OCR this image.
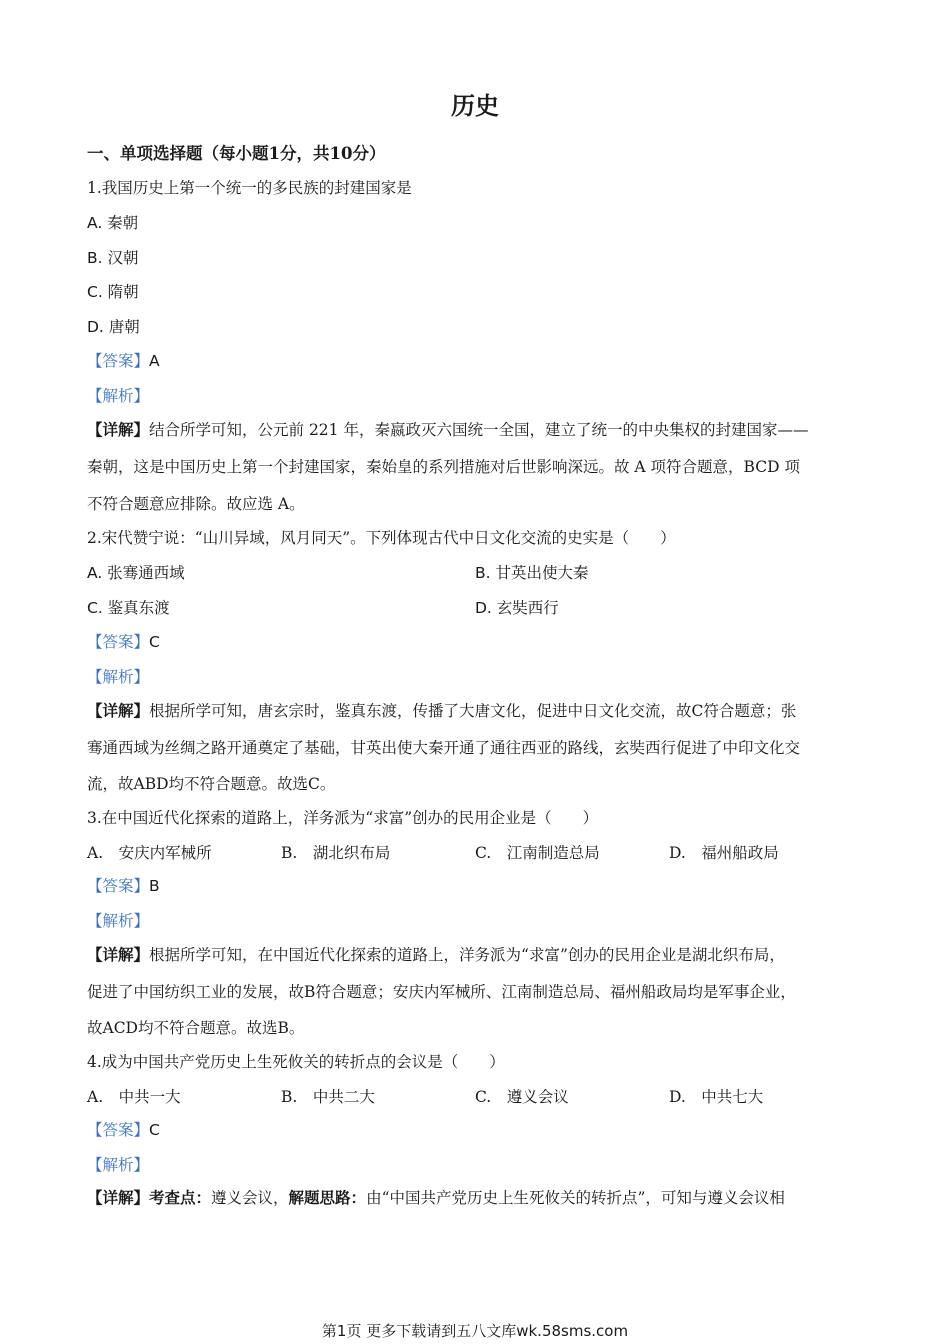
历史
一、单项选择题（每小题1分，共10分）
1.我国历史上第一个统一的多民族的封建国家是
A. 秦朝
B. 汉朝
C. 隋朝
D. 唐朝
【答案】A
【解析】
【详解】结合所学可知，公元前 221 年，秦嬴政灭六国统一全国，建立了统一的中央集权的封建国家——
秦朝，这是中国历史上第一个封建国家，秦始皇的系列措施对后世影响深远。故 A 项符合题意，BCD 项
不符合题意应排除。故应选 A。
2.宋代赞宁说：“山川异域，风月同天”。下列体现古代中日文化交流的史实是（　　）
A. 张骞通西域	B. 甘英出使大秦
C. 鉴真东渡	D. 玄奘西行
【答案】C
【解析】
【详解】根据所学可知，唐玄宗时，鉴真东渡，传播了大唐文化，促进中日文化交流，故C符合题意；张
骞通西域为丝绸之路开通奠定了基础，甘英出使大秦开通了通往西亚的路线，玄奘西行促进了中印文化交
流，故ABD均不符合题意。故选C。
3.在中国近代化探索的道路上，洋务派为“求富”创办的民用企业是（　　）
A.　安庆内军械所	B.　湖北织布局	C.　江南制造总局	D.　福州船政局
【答案】B
【解析】
【详解】根据所学可知，在中国近代化探索的道路上，洋务派为“求富”创办的民用企业是湖北织布局，
促进了中国纺织工业的发展，故B符合题意；安庆内军械所、江南制造总局、福州船政局均是军事企业，
故ACD均不符合题意。故选B。
4.成为中国共产党历史上生死攸关的转折点的会议是（　　）
A.　中共一大	B.　中共二大	C.　遵义会议	D.　中共七大
【答案】C
【解析】
【详解】考查点：遵义会议，解题思路：由“中国共产党历史上生死攸关的转折点”，可知与遵义会议相
第1页 更多下载请到五八文库wk.58sms.com
